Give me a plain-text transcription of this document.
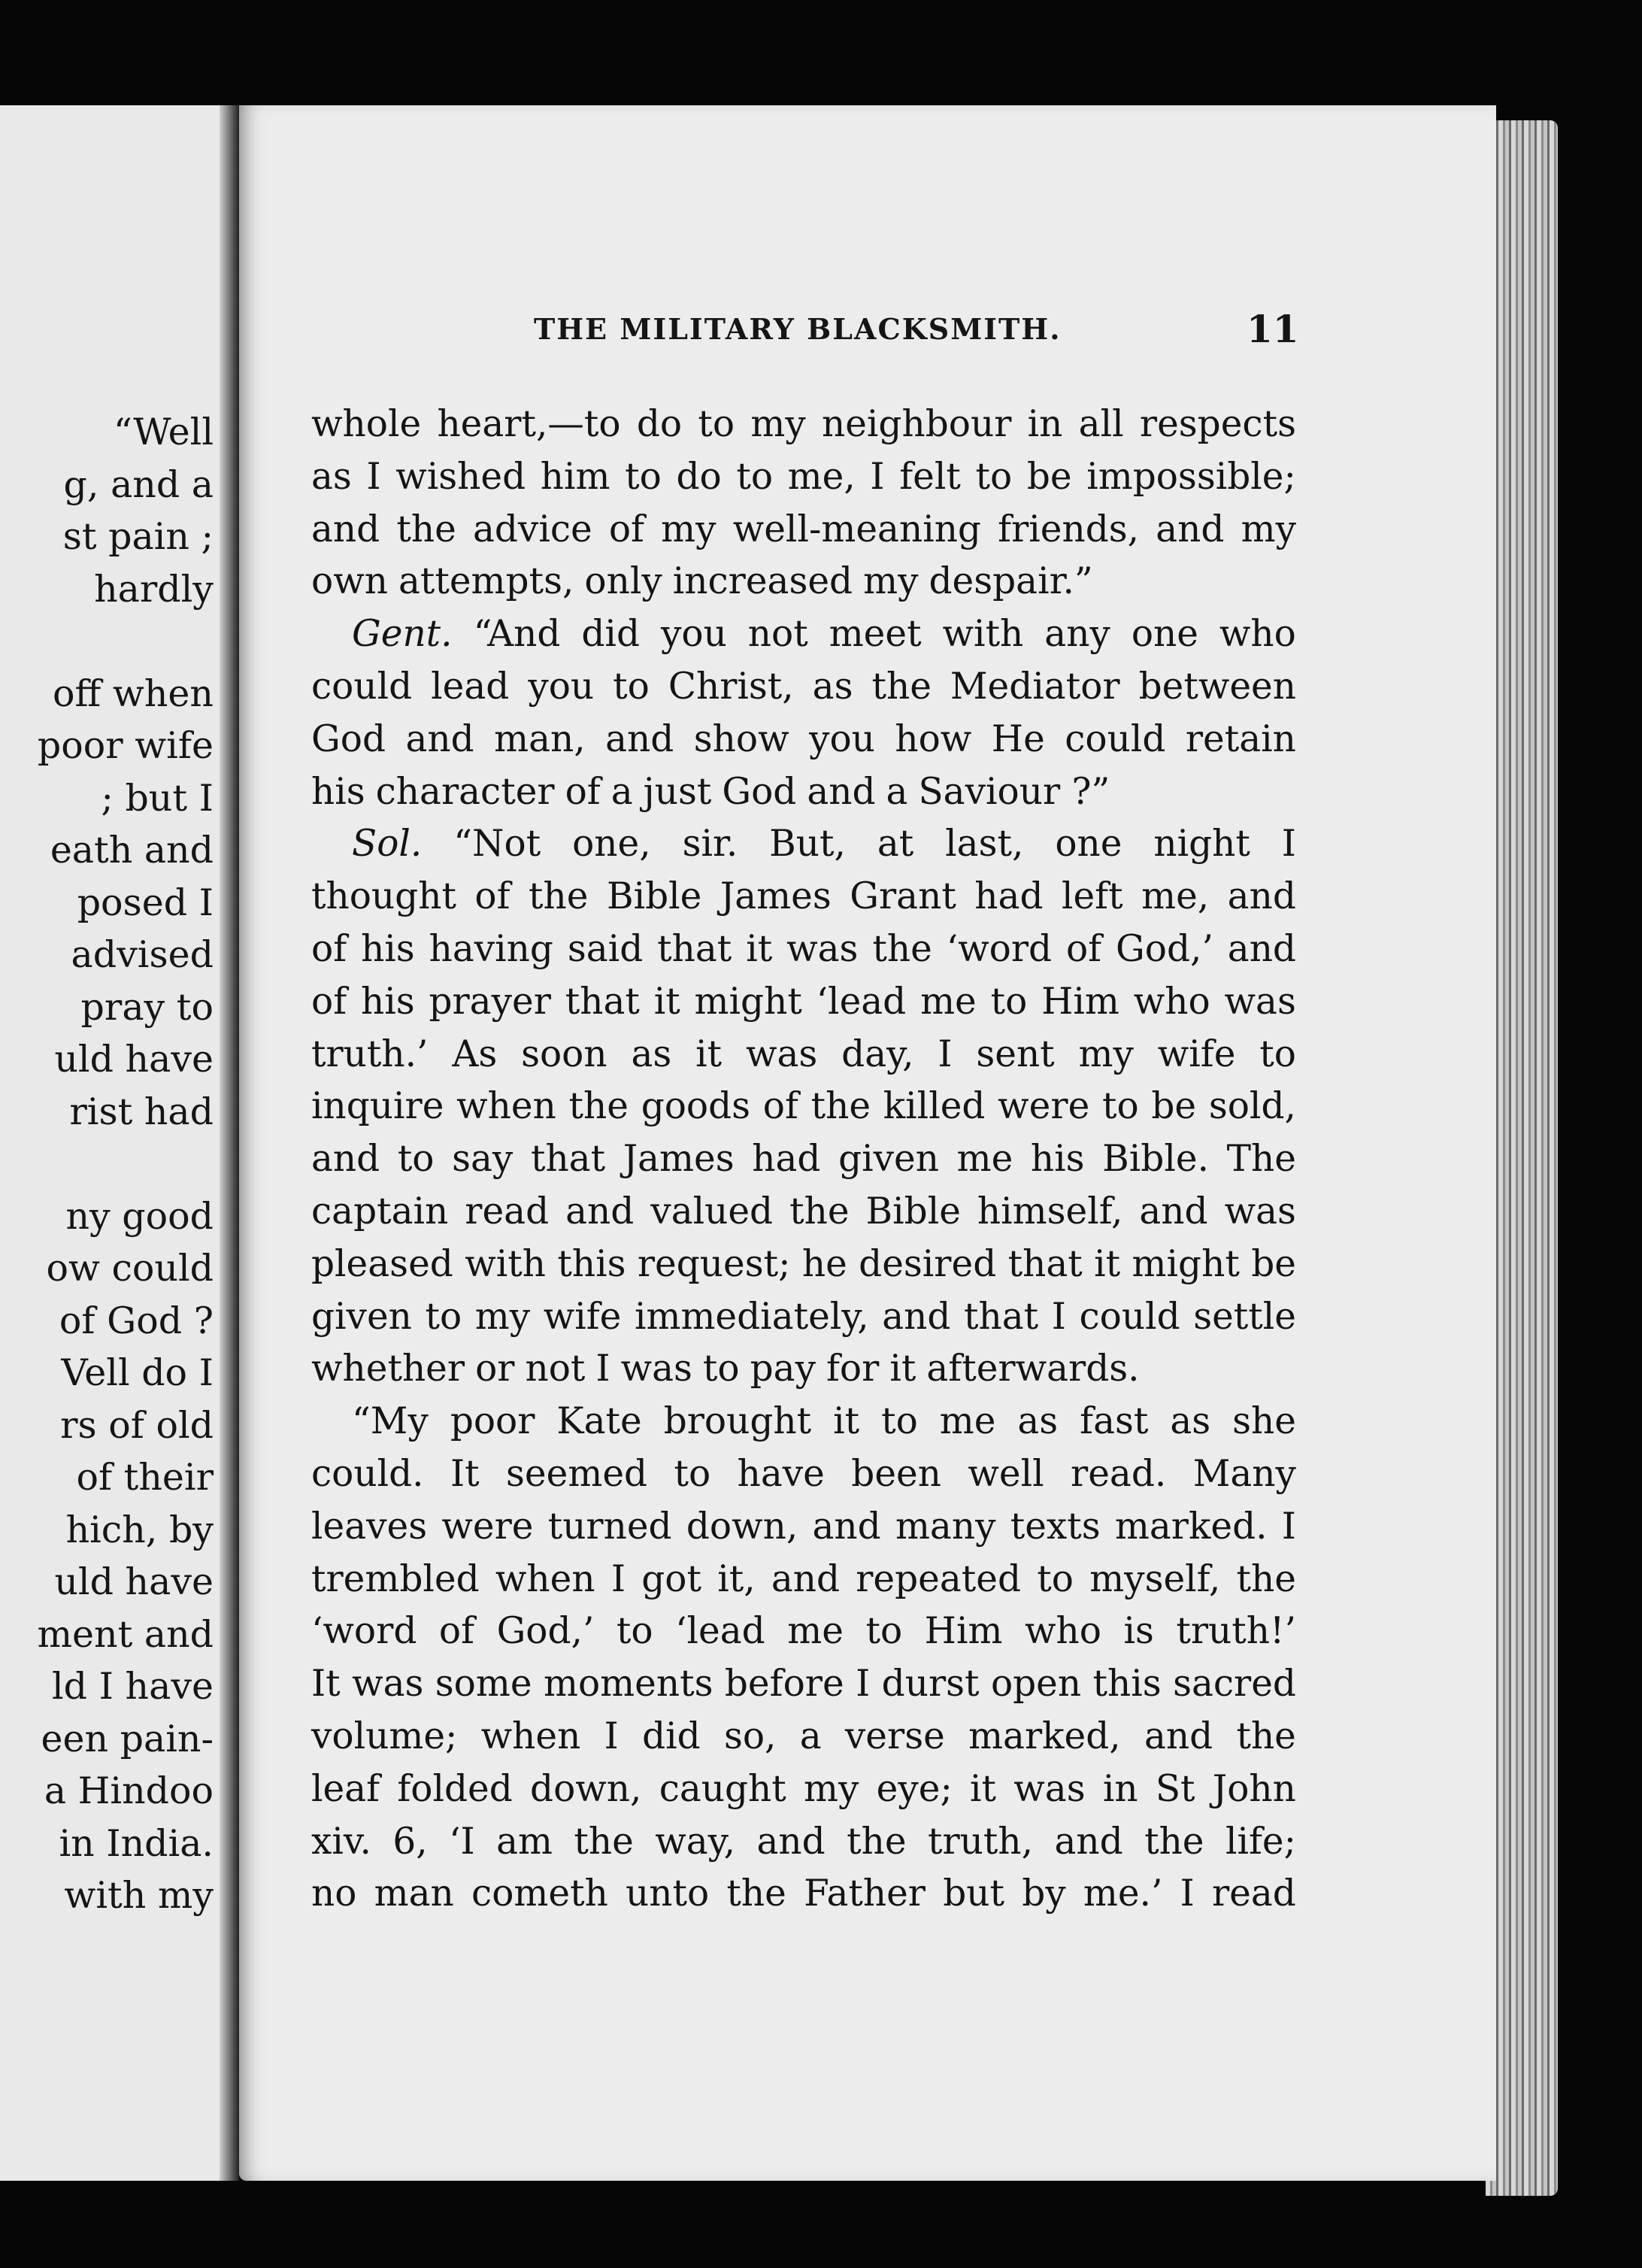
“Well
g, and a
st pain ;
hardly
off when
poor wife
; but I
eath and
posed I
advised
pray to
uld have
rist had
ny good
ow could
of God ?
Vell do I
rs of old
of their
hich, by
uld have
ment and
ld I have
een pain-
a Hindoo
in India.
with my
THE MILITARY BLACKSMITH.	11
whole heart,—to do to my neighbour in all respects
as I wished him to do to me, I felt to be impossible;
and the advice of my well-meaning friends, and my
own attempts, only increased my despair.”
Gent. “And did you not meet with any one who
could lead you to Christ, as the Mediator between
God and man, and show you how He could retain
his character of a just God and a Saviour ?”
Sol. “Not one, sir. But, at last, one night I
thought of the Bible James Grant had left me, and
of his having said that it was the ‘word of God,’ and
of his prayer that it might ‘lead me to Him who was
truth.’ As soon as it was day, I sent my wife to
inquire when the goods of the killed were to be sold,
and to say that James had given me his Bible. The
captain read and valued the Bible himself, and was
pleased with this request; he desired that it might be
given to my wife immediately, and that I could settle
whether or not I was to pay for it afterwards.
“My poor Kate brought it to me as fast as she
could. It seemed to have been well read. Many
leaves were turned down, and many texts marked. I
trembled when I got it, and repeated to myself, the
‘word of God,’ to ‘lead me to Him who is truth!’
It was some moments before I durst open this sacred
volume; when I did so, a verse marked, and the
leaf folded down, caught my eye; it was in St John
xiv. 6, ‘I am the way, and the truth, and the life;
no man cometh unto the Father but by me.’ I read
